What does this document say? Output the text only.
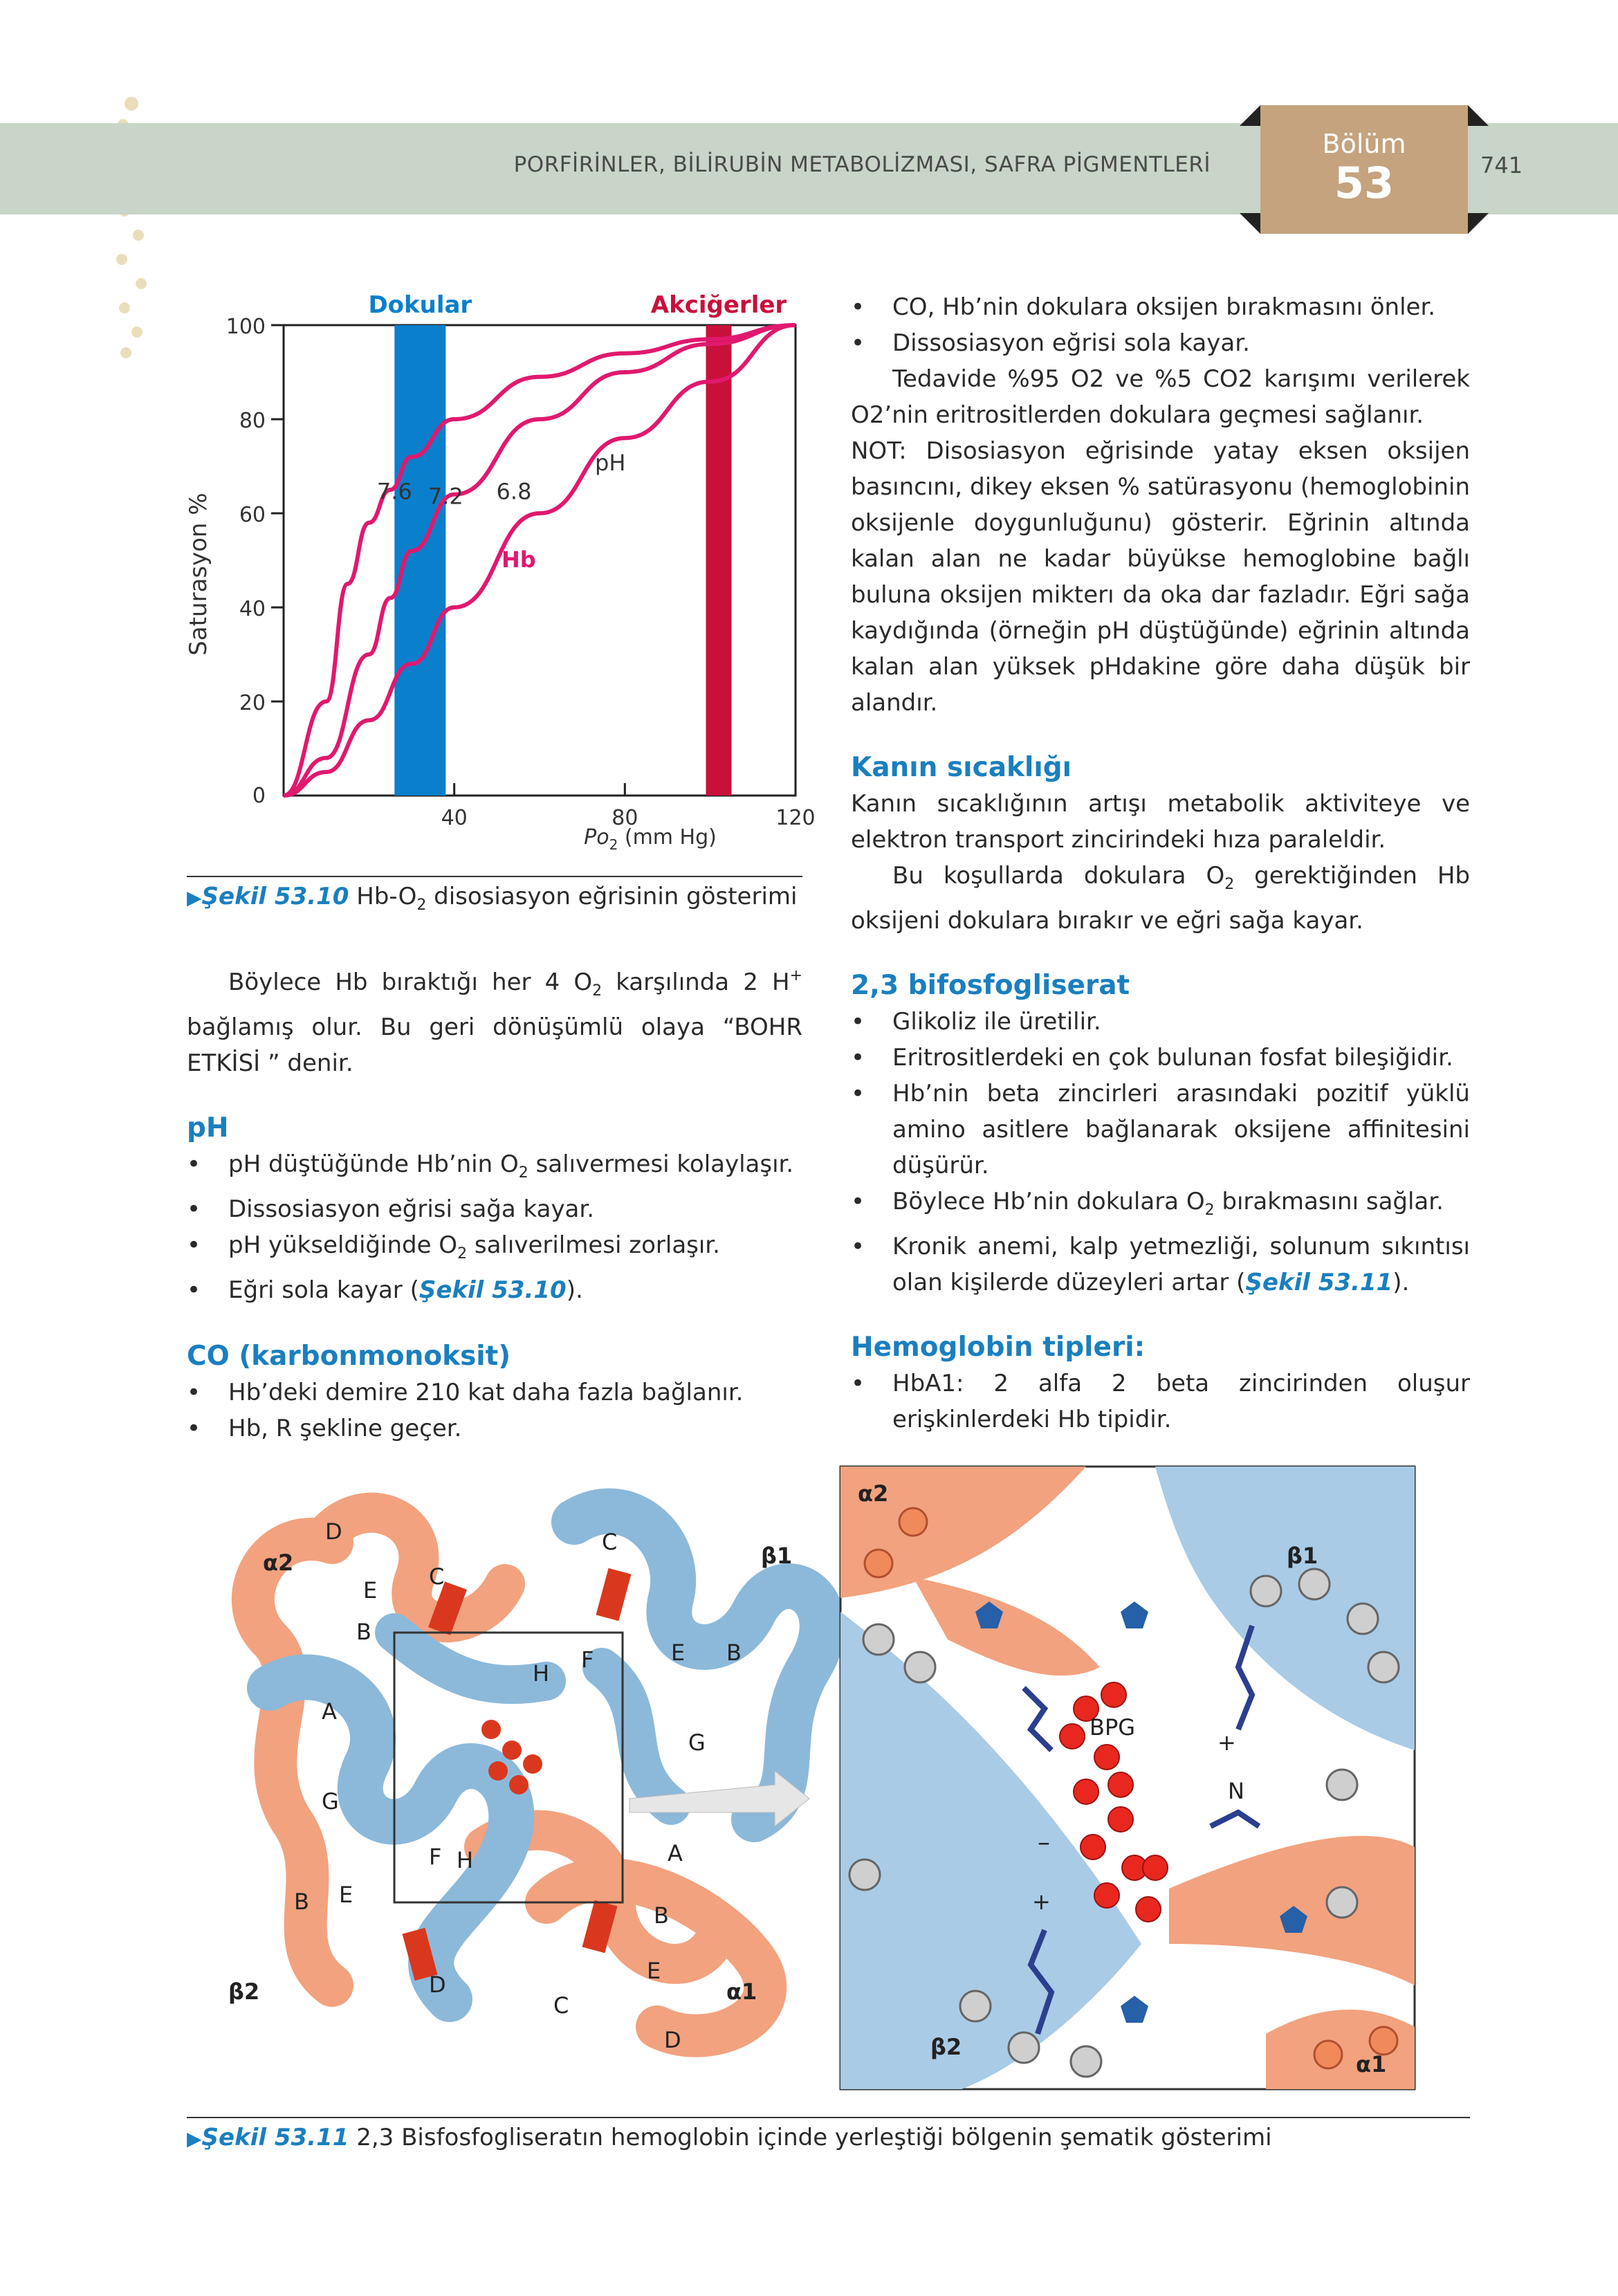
PORFİRİNLER, BİLİRUBİN METABOLİZMASI, SAFRA PİGMENTLERİ	741
Bölüm
53
Dokular	Akciğerler
0
20
40
60
80
100
40	80	120
7.6 7.2 6.8
Saturasyon %
$Po_2$ (mm Hg)
pH
Hb
▶Şekil 53.10 $Hb-O_2$ disosiasyon eğrisinin gösterimi
Böylece Hb bıraktığı her 4 $O_2$ karşılında 2 H+ bağlamış olur. Bu geri dönüşümlü olaya “BOHR ETKİSİ ” denir.
pH
• pH düştüğünde Hb’nin $O_2$ salıvermesi kolaylaşır.
• Dissosiasyon eğrisi sağa kayar.
• pH yükseldiğinde $O_2$ salıverilmesi zorlaşır.
• Eğri sola kayar (Şekil 53.10).
CO (karbonmonoksit)
• Hb’deki demire 210 kat daha fazla bağlanır.
• Hb, R şekline geçer.
• CO, Hb’nin dokulara oksijen bırakmasını önler.
• Dissosiasyon eğrisi sola kayar.
Tedavide %95 O2 ve %5 CO2 karışımı verilerek O2’nin eritrositlerden dokulara geçmesi sağlanır.
NOT: Disosiasyon eğrisinde yatay eksen oksijen basıncını, dikey eksen % satürasyonu (hemoglobinin oksijenle doygunluğunu) gösterir. Eğrinin altında kalan alan ne kadar büyükse hemoglobine bağlı buluna oksijen mikterı da oka dar fazladır. Eğri sağa kaydığında (örneğin pH düştüğünde) eğrinin altında kalan alan yüksek pHdakine göre daha düşük bir alandır.
Kanın sıcaklığı
Kanın sıcaklığının artışı metabolik aktiviteye ve elektron transport zincirindeki hıza paraleldir.
Bu koşullarda dokulara $O_2$ gerektiğinden Hb oksijeni dokulara bırakır ve eğri sağa kayar.
2,3 bifosfogliserat
• Glikoliz ile üretilir.
• Eritrositlerdeki en çok bulunan fosfat bileşiğidir.
• Hb’nin beta zincirleri arasındaki pozitif yüklü amino asitlere bağlanarak oksijene affinitesini düşürür.
• Böylece Hb’nin dokulara $O_2$ bırakmasını sağlar.
• Kronik anemi, kalp yetmezliği, solunum sıkıntısı olan kişilerde düzeyleri artar (Şekil 53.11).
Hemoglobin tipleri:
• HbA1: 2 alfa 2 beta zincirinden oluşur erişkinlerdeki Hb tipidir.
α2	β1
β2	α1
D
E
B
A
G
B E
F H
C
C
H
F	E B
G
A
B
E
C
D
D
BPG
+
N
–
+
α2
β1
β2
α1
▶Şekil 53.11 2,3 Bisfosfogliseratın hemoglobin içinde yerleştiği bölgenin şematik gösterimi
